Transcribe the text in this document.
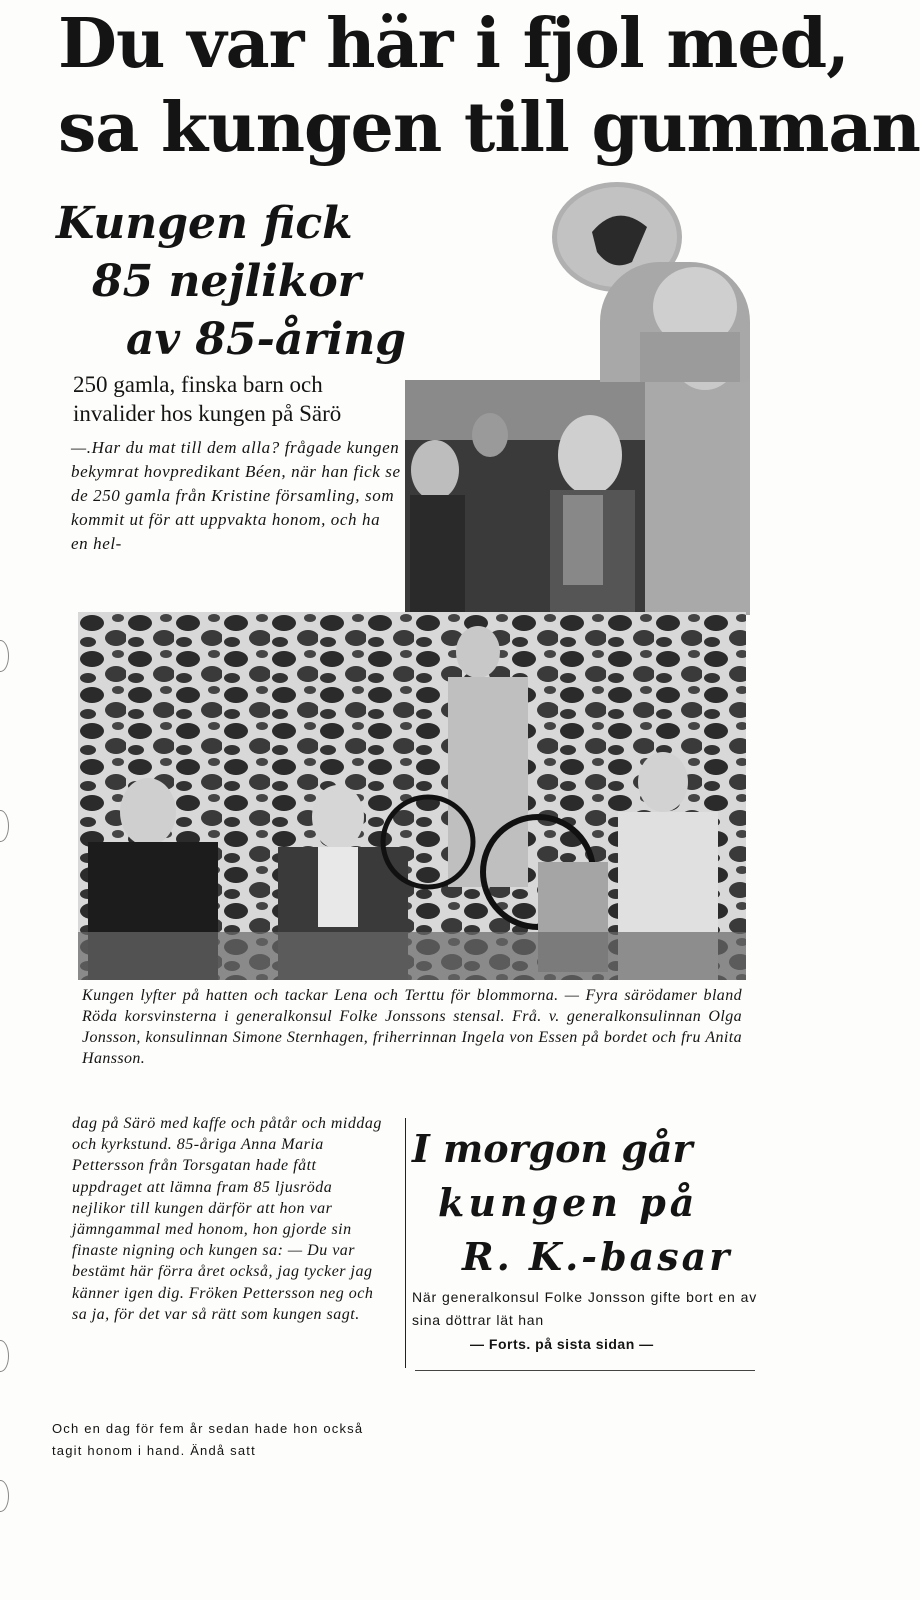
Du var här i fjol med,
sa kungen till gumman
Kungen fick
85 nejlikor
av 85-åring
250 gamla, finska barn och invalider hos kungen på Särö
—.Har du mat till dem alla? frågade kungen bekymrat hovpredikant Béen, när han fick se de 250 gamla från Kristine församling, som kommit ut för att uppvakta honom, och ha en hel-
Kungen lyfter på hatten och tackar Lena och Terttu för blommorna. — Fyra särödamer bland Röda korsvinsterna i generalkonsul Folke Jonssons stensal. Frå. v. generalkonsulinnan Olga Jonsson, konsulinnan Simone Sternhagen, friherrinnan Ingela von Essen på bordet och fru Anita Hansson.
dag på Särö med kaffe och påtår och middag och kyrkstund. 85-åriga Anna Maria Pettersson från Torsgatan hade fått uppdraget att lämna fram 85 ljusröda nejlikor till kungen därför att hon var jämngammal med honom, hon gjorde sin finaste nigning och kungen sa: — Du var bestämt här förra året också, jag tycker jag känner igen dig. Fröken Pettersson neg och sa ja, för det var så rätt som kungen sagt.
Och en dag för fem år sedan hade hon också tagit honom i hand. Ändå satt
I morgon går
kungen på
R. K.-basar
När generalkonsul Folke Jonsson gifte bort en av sina döttrar lät han
— Forts. på sista sidan —
